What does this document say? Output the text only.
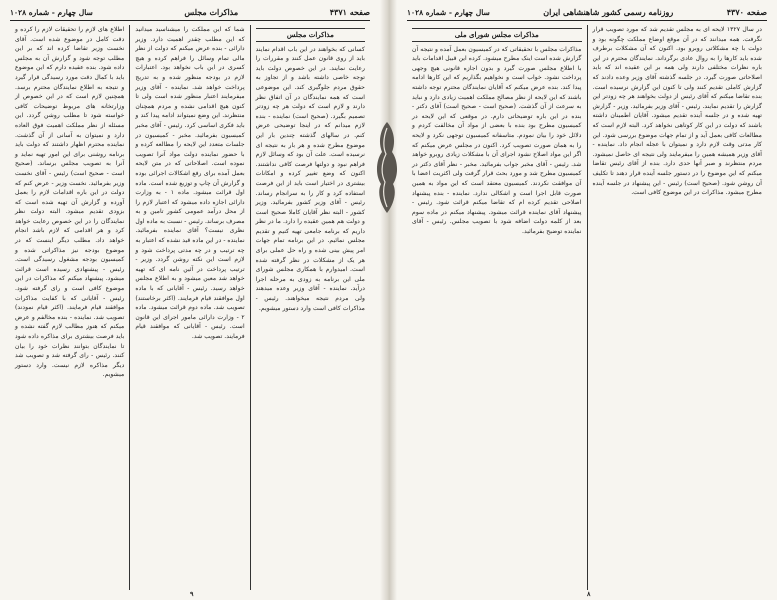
صفحه ۴۳۷۱
مذاکرات مجلس
سال چهارم - شماره ۱۰۲۸
مذاکرات مجلس

کسانی که بخواهند در این باب اقدام نمایند باید از روی قانون عمل کنند و مقررات را رعایت نمایند. در این خصوص دولت باید توجه خاصی داشته باشد و از تجاوز به حقوق مردم جلوگیری کند. این موضوعی است که همه نمایندگان در آن اتفاق نظر دارند و لازم است که دولت هر چه زودتر تصمیم بگیرد. (صحیح است) نماینده - بنده لازم میدانم که در اینجا توضیحی عرض کنم. در سالهای گذشته چندین بار این موضوع مطرح شده و هر بار به نتیجه ای نرسیده است. علت آن بود که وسائل لازم فراهم نبود و دولتها فرصت کافی نداشتند. اکنون که وضع تغییر کرده و امکانات بیشتری در اختیار است باید از این فرصت استفاده کرد و کار را به سرانجام رساند. رئیس - آقای وزیر کشور بفرمائید. وزیر کشور - البته نظر آقایان کاملا صحیح است و دولت هم همین عقیده را دارد. ما در نظر داریم که برنامه جامعی تهیه کنیم و تقدیم مجلس نمائیم. در این برنامه تمام جهات امر پیش بینی شده و راه حل عملی برای هر یک از مشکلات در نظر گرفته شده است. امیدوارم با همکاری مجلس شورای ملی این برنامه به زودی به مرحله اجرا درآید. نماینده - آقای وزیر وعده میدهند ولی مردم نتیجه میخواهند. رئیس - مذاکرات کافی است وارد دستور میشویم.

شما که این مملکت را میشناسید میدانید که این مطلب چقدر اهمیت دارد. وزیر دارائی - بنده عرض میکنم که دولت از نظر مالی تمام وسائل را فراهم کرده و هیچ کسری در این باب نخواهد بود. اعتبارات لازم در بودجه منظور شده و به تدریج پرداخت خواهد شد. نماینده - آقای وزیر میفرمایند اعتبار منظور شده است ولی تا کنون هیچ اقدامی نشده و مردم همچنان منتظرند. این وضع نمیتواند ادامه پیدا کند و باید فکری اساسی کرد. رئیس - آقای مخبر کمیسیون بفرمائید. مخبر - کمیسیون در جلسات متعدد این لایحه را مطالعه کرده و با حضور نماینده دولت مواد آنرا تصویب نموده است. اصلاحاتی که در متن لایحه بعمل آمده برای رفع اشکالات اجرائی بوده و گزارش آن چاپ و توزیع شده است. ماده اول قرائت میشود. ماده ۱ - به وزارت دارائی اجازه داده میشود که اعتبار لازم را از محل درآمد عمومی کشور تامین و به مصرف برساند. رئیس - نسبت به ماده اول نظری نیست؟ آقای نماینده بفرمائید. نماینده - در این ماده قید نشده که اعتبار به چه ترتیب و در چه مدتی پرداخت شود و لازم است این نکته روشن گردد. وزیر - ترتیب پرداخت در آئین نامه ای که تهیه خواهد شد معین میشود و به اطلاع مجلس خواهد رسید. رئیس - آقایانی که با ماده اول موافقند قیام فرمایند. (اکثر برخاستند) تصویب شد. ماده دوم قرائت میشود. ماده ۲ - وزارت دارائی مامور اجرای این قانون است. رئیس - آقایانی که موافقند قیام فرمایند. تصویب شد.

اطلاع های لازم را تحقیقات لازم را کرده و دقت کامل در موضوع شده است. آقای نخست وزیر تقاضا کرده اند که بر این مطلب توجه شود و گزارش آن به مجلس داده شود. بنده عقیده دارم که این موضوع باید با کمال دقت مورد رسیدگی قرار گیرد و نتیجه به اطلاع نمایندگان محترم برسد. همچنین لازم است که در این خصوص از وزارتخانه های مربوط توضیحات کافی خواسته شود تا مطلب روشن گردد. این مسئله از نظر مملکت اهمیت فوق العاده دارد و نمیتوان به آسانی از آن گذشت. نماینده محترم اظهار داشتند که دولت باید برنامه روشنی برای این امور تهیه نماید و آنرا به تصویب مجلس برساند. (صحیح است - صحیح است) رئیس - آقای نخست وزیر بفرمائید. نخست وزیر - عرض کنم که دولت در این باره اقدامات لازم را بعمل آورده و گزارش آن تهیه شده است که بزودی تقدیم میشود. البته دولت نظر نمایندگان را در این خصوص رعایت خواهد کرد و هر اقدامی که لازم باشد انجام خواهد داد. مطلب دیگر اینست که در موضوع بودجه نیز مذاکراتی شده و کمیسیون بودجه مشغول رسیدگی است. رئیس - پیشنهادی رسیده است قرائت میشود. پیشنهاد میکنم که مذاکرات در این موضوع کافی است و رای گرفته شود. رئیس - آقایانی که با کفایت مذاکرات موافقند قیام فرمایند. (اکثر قیام نمودند) تصویب شد. نماینده - بنده مخالفم و عرض میکنم که هنوز مطالب لازم گفته نشده و باید فرصت بیشتری برای مذاکره داده شود تا نمایندگان بتوانند نظرات خود را بیان کنند. رئیس - رای گرفته شد و تصویب شد دیگر مذاکره لازم نیست. وارد دستور میشویم.

۹
صفحه ۴۳۷۰
روزنامه رسمی کشور شاهنشاهی ایران
سال چهارم - شماره ۱۰۲۸

در سال ۱۳۲۷ لایحه ای به مجلس تقدیم شد که مورد تصویب قرار نگرفت. همه میدانند که در آن موقع اوضاع مملکت چگونه بود و دولت با چه مشکلاتی روبرو بود. اکنون که آن مشکلات برطرف شده باید کارها را به روال عادی برگرداند. نمایندگان محترم در این باره نظرات مختلفی دارند ولی همه بر این عقیده اند که باید اصلاحاتی صورت گیرد. در جلسه گذشته آقای وزیر وعده دادند که گزارش کاملی تقدیم کنند ولی تا کنون این گزارش نرسیده است. بنده تقاضا میکنم که آقای رئیس از دولت بخواهند هر چه زودتر این گزارش را تقدیم نمایند. رئیس - آقای وزیر بفرمائید. وزیر - گزارش تهیه شده و در جلسه آینده تقدیم میشود. آقایان اطمینان داشته باشند که دولت در این کار کوتاهی نخواهد کرد. البته لازم است که مطالعات کافی بعمل آید و از تمام جهات موضوع بررسی شود. این کار مدتی وقت لازم دارد و نمیتوان با عجله انجام داد. نماینده - آقای وزیر همیشه همین را میفرمایند ولی نتیجه ای حاصل نمیشود. مردم منتظرند و صبر آنها حدی دارد. بنده از آقای رئیس تقاضا میکنم که این موضوع را در دستور جلسه آینده قرار دهند تا تکلیف آن روشن شود. (صحیح است) رئیس - این پیشنهاد در جلسه آینده مطرح میشود. مذاکرات در این موضوع کافی است.

مذاکرات مجلس شورای ملی

مذاکرات مجلس با تحقیقاتی که در کمیسیون بعمل آمده و نتیجه آن گزارش شده است اینک مطرح میشود. کرده این قبیل اقدامات باید با اطلاع مجلس صورت گیرد و بدون اجازه قانونی هیچ وجهی پرداخت نشود. خواب است و نخواهیم بگذاریم که این کارها ادامه پیدا کند. بنده عرض میکنم که آقایان نمایندگان محترم توجه داشته باشند که این لایحه از نظر مصالح مملکت اهمیت زیادی دارد و نباید به سرعت از آن گذشت. (صحیح است - صحیح است) آقای دکتر - بنده در این باره توضیحاتی دارم. در موقعی که این لایحه در کمیسیون مطرح بود بنده با بعضی از مواد آن مخالفت کردم و دلائل خود را بیان نمودم. متاسفانه کمیسیون توجهی نکرد و لایحه را به همان صورت تصویب کرد. اکنون در مجلس عرض میکنم که اگر این مواد اصلاح نشود اجرای آن با مشکلات زیادی روبرو خواهد شد. رئیس - آقای مخبر جواب بفرمائید. مخبر - نظر آقای دکتر در کمیسیون مطرح شد و مورد بحث قرار گرفت ولی اکثریت اعضا با آن موافقت نکردند. کمیسیون معتقد است که این مواد به همین صورت قابل اجرا است و اشکالی ندارد. نماینده - بنده پیشنهاد اصلاحی تقدیم کرده ام که تقاضا میکنم قرائت شود. رئیس - پیشنهاد آقای نماینده قرائت میشود. پیشنهاد میکنم در ماده سوم بعد از کلمه دولت اضافه شود با تصویب مجلس. رئیس - آقای نماینده توضیح بفرمائید.

۸
